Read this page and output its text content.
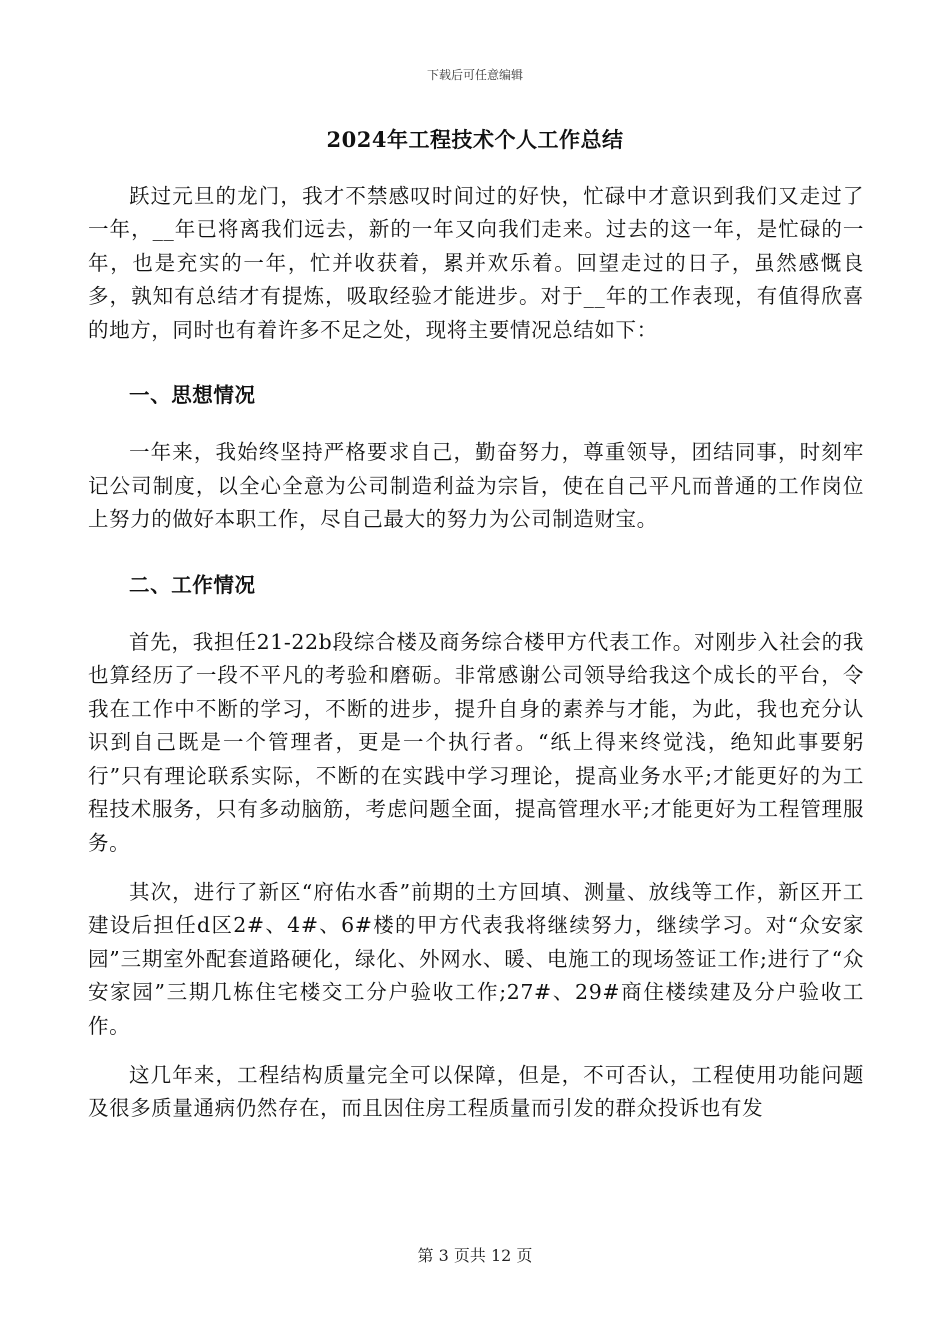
下载后可任意编辑
2024年工程技术个人工作总结

跃过元旦的龙门，我才不禁感叹时间过的好快，忙碌中才意识到我们又走过了一年，__年已将离我们远去，新的一年又向我们走来。过去的这一年，是忙碌的一年，也是充实的一年，忙并收获着，累并欢乐着。回望走过的日子，虽然感慨良多，孰知有总结才有提炼，吸取经验才能进步。对于__年的工作表现，有值得欣喜的地方，同时也有着许多不足之处，现将主要情况总结如下：

一、思想情况

一年来，我始终坚持严格要求自己，勤奋努力，尊重领导，团结同事，时刻牢记公司制度，以全心全意为公司制造利益为宗旨，使在自己平凡而普通的工作岗位上努力的做好本职工作，尽自己最大的努力为公司制造财宝。

二、工作情况

首先，我担任21-22b段综合楼及商务综合楼甲方代表工作。对刚步入社会的我也算经历了一段不平凡的考验和磨砺。非常感谢公司领导给我这个成长的平台，令我在工作中不断的学习，不断的进步，提升自身的素养与才能，为此，我也充分认识到自己既是一个管理者，更是一个执行者。“纸上得来终觉浅，绝知此事要躬行”只有理论联系实际，不断的在实践中学习理论，提高业务水平;才能更好的为工程技术服务，只有多动脑筋，考虑问题全面，提高管理水平;才能更好为工程管理服务。

其次，进行了新区“府佑水香”前期的土方回填、测量、放线等工作，新区开工建设后担任d区2#、4#、6#楼的甲方代表我将继续努力，继续学习。对“众安家园”三期室外配套道路硬化，绿化、外网水、暖、电施工的现场签证工作;进行了“众安家园”三期几栋住宅楼交工分户验收工作;27#、29#商住楼续建及分户验收工作。

这几年来，工程结构质量完全可以保障，但是，不可否认，工程使用功能问题及很多质量通病仍然存在，而且因住房工程质量而引发的群众投诉也有发

第 3 页共 12 页
